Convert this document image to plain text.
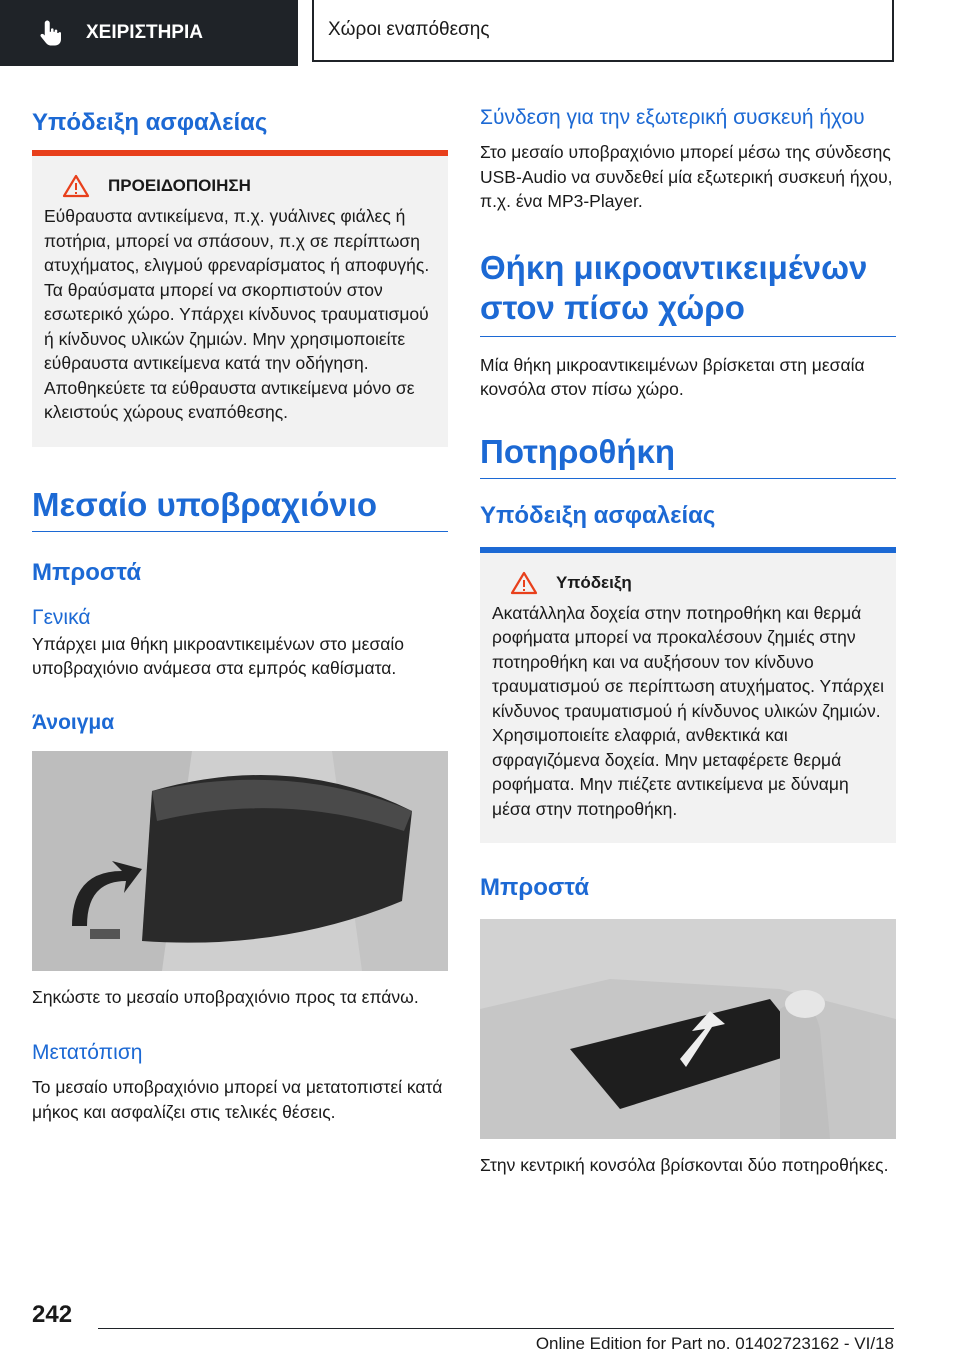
ΧΕΙΡΙΣΤΗΡΙΑ	Χώροι εναπόθεσης
Υπόδειξη ασφαλείας
ΠΡΟΕΙΔΟΠΟΙΗΣΗ

Εύθραυστα αντικείμενα, π.χ. γυάλινες φιάλες ή ποτήρια, μπορεί να σπάσουν, π.χ σε περίπτωση ατυχήματος, ελιγμού φρεναρίσματος ή αποφυγής. Τα θραύσματα μπορεί να σκορπιστούν στον εσωτερικό χώρο. Υπάρχει κίνδυνος τραυματισμού ή κίνδυνος υλικών ζημιών. Μην χρησιμοποιείτε εύθραυστα αντικείμενα κατά την οδήγηση. Αποθηκεύετε τα εύθραυστα αντικείμενα μόνο σε κλειστούς χώρους εναπόθεσης.

Μεσαίο υποβραχιόνιο
Μπροστά
Γενικά

Υπάρχει μια θήκη μικροαντικειμένων στο μεσαίο υποβραχιόνιο ανάμεσα στα εμπρός καθίσματα.

Άνοιγμα

Σηκώστε το μεσαίο υποβραχιόνιο προς τα επάνω.

Μετατόπιση

Το μεσαίο υποβραχιόνιο μπορεί να μετατοπιστεί κατά μήκος και ασφαλίζει στις τελικές θέσεις.

Σύνδεση για την εξωτερική συσκευή ήχου

Στο μεσαίο υποβραχιόνιο μπορεί μέσω της σύνδεσης USB-Audio να συνδεθεί μία εξωτερική συσκευή ήχου, π.χ. ένα MP3-Player.

Θήκη μικροαντικειμένων στον πίσω χώρο

Μία θήκη μικροαντικειμένων βρίσκεται στη μεσαία κονσόλα στον πίσω χώρο.

Ποτηροθήκη
Υπόδειξη ασφαλείας
Υπόδειξη

Ακατάλληλα δοχεία στην ποτηροθήκη και θερμά ροφήματα μπορεί να προκαλέσουν ζημιές στην ποτηροθήκη και να αυξήσουν τον κίνδυνο τραυματισμού σε περίπτωση ατυχήματος. Υπάρχει κίνδυνος τραυματισμού ή κίνδυνος υλικών ζημιών. Χρησιμοποιείτε ελαφριά, ανθεκτικά και σφραγιζόμενα δοχεία. Μην μεταφέρετε θερμά ροφήματα. Μην πιέζετε αντικείμενα με δύναμη μέσα στην ποτηροθήκη.

Μπροστά

Στην κεντρική κονσόλα βρίσκονται δύο ποτηροθήκες.

242
Online Edition for Part no. 01402723162 - VI/18
